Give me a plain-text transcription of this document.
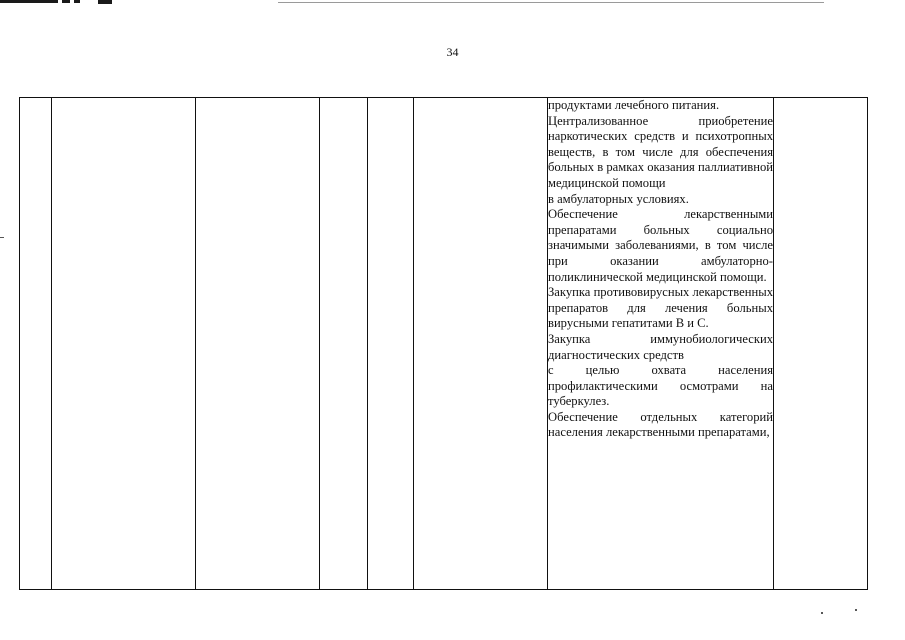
34

продуктами лечебного питания.
Централизованное приобретение наркотических средств и психотропных веществ, в том числе для обеспечения больных в рамках оказания паллиативной медицинской помощи
в амбулаторных условиях.
Обеспечение лекарственными препаратами больных социально значимыми заболеваниями, в том числе при оказании амбулаторно-поликлинической медицинской помощи.
Закупка противовирусных лекарственных препаратов для лечения больных вирусными гепатитами В и С.
Закупка иммунобиологических диагностических средств
с целью охвата населения профилактическими осмотрами на туберкулез.
Обеспечение отдельных категорий населения лекарственными препаратами,
